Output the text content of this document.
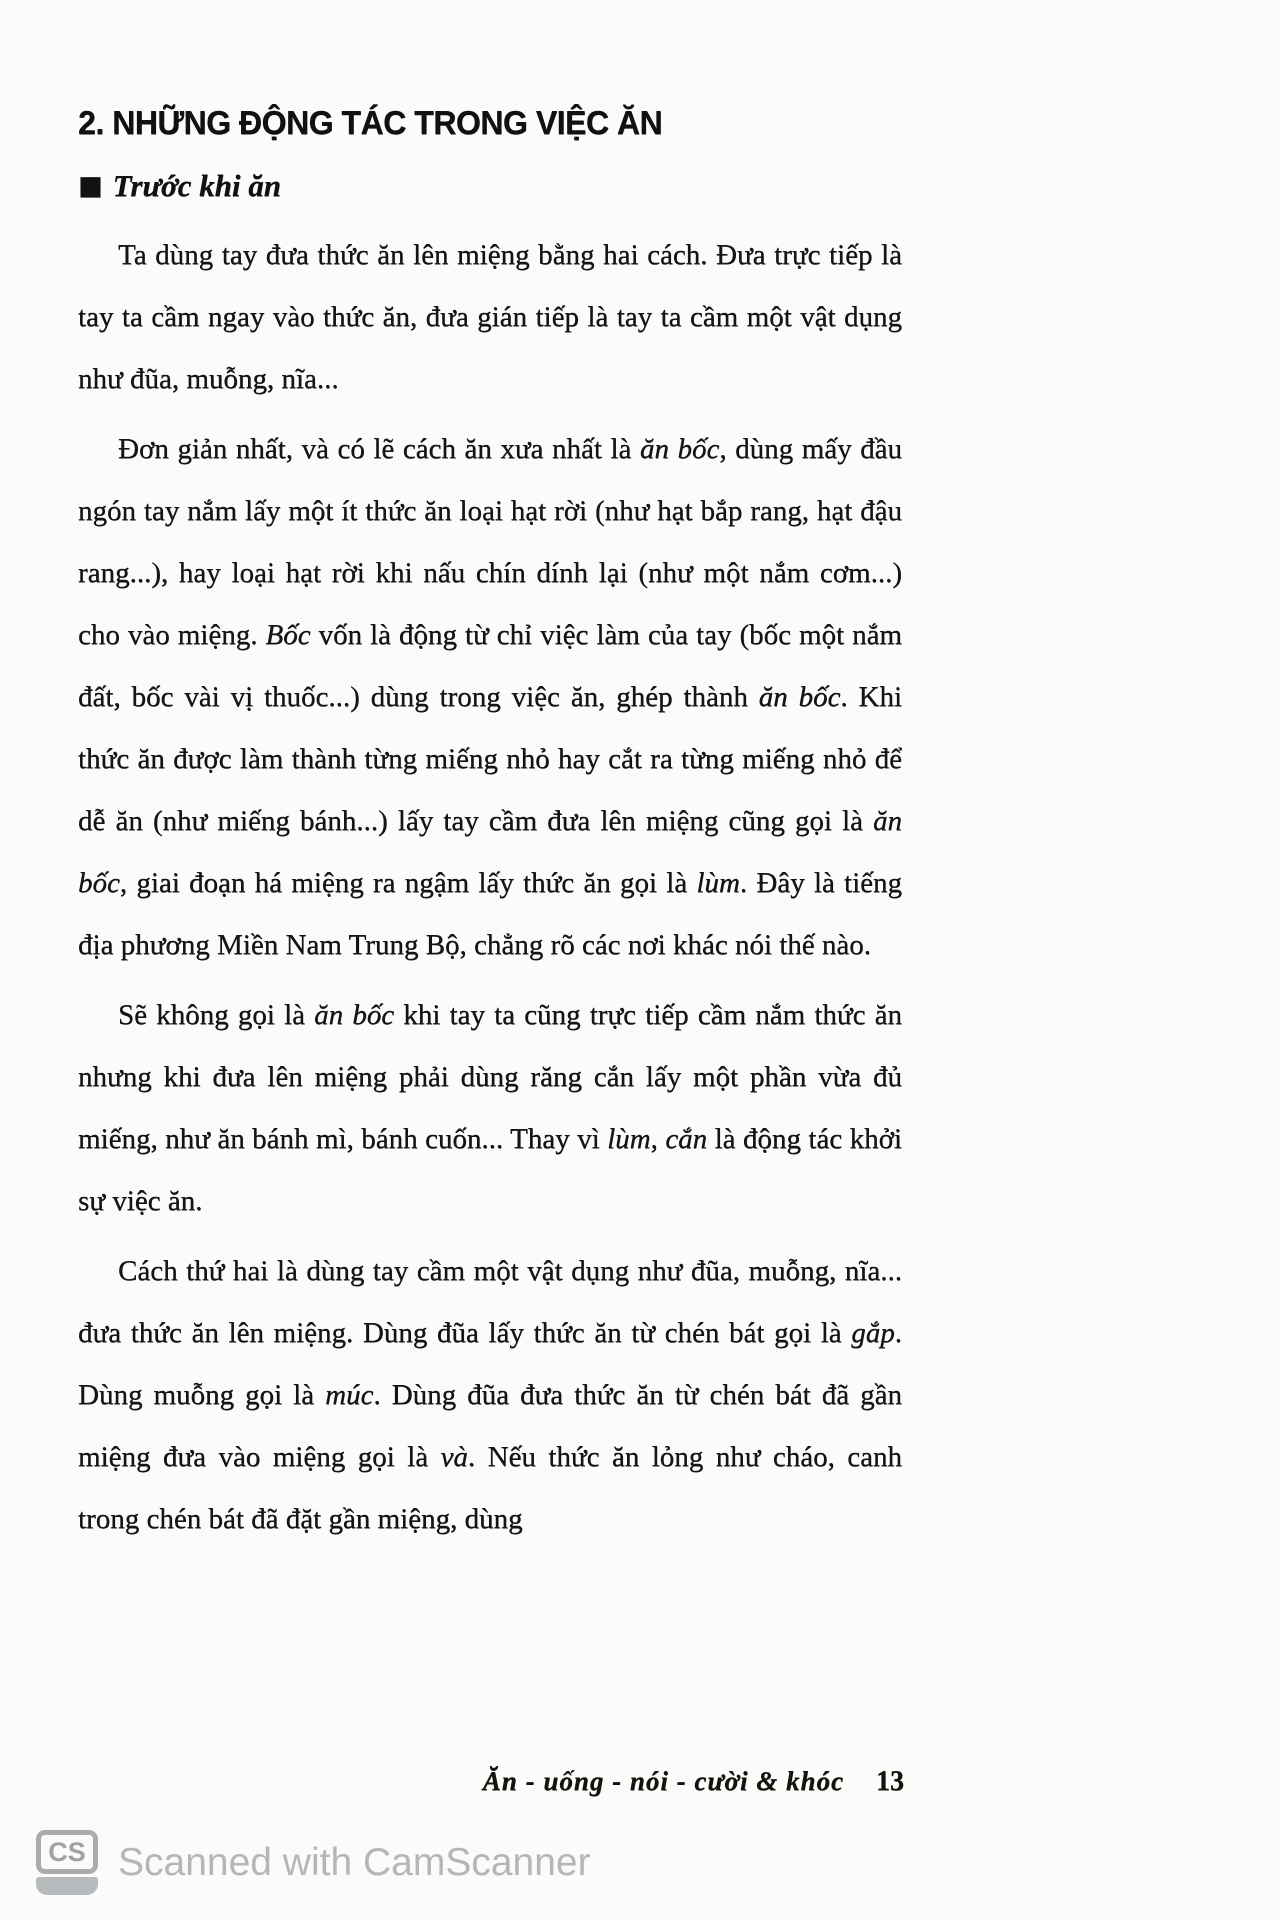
2. NHỮNG ĐỘNG TÁC TRONG VIỆC ĂN
■ Trước khi ăn

Ta dùng tay đưa thức ăn lên miệng bằng hai cách. Đưa trực tiếp là tay ta cầm ngay vào thức ăn, đưa gián tiếp là tay ta cầm một vật dụng như đũa, muỗng, nĩa...

Đơn giản nhất, và có lẽ cách ăn xưa nhất là ăn bốc, dùng mấy đầu ngón tay nắm lấy một ít thức ăn loại hạt rời (như hạt bắp rang, hạt đậu rang...), hay loại hạt rời khi nấu chín dính lại (như một nắm cơm...) cho vào miệng. Bốc vốn là động từ chỉ việc làm của tay (bốc một nắm đất, bốc vài vị thuốc...) dùng trong việc ăn, ghép thành ăn bốc. Khi thức ăn được làm thành từng miếng nhỏ hay cắt ra từng miếng nhỏ để dễ ăn (như miếng bánh...) lấy tay cầm đưa lên miệng cũng gọi là ăn bốc, giai đoạn há miệng ra ngậm lấy thức ăn gọi là lùm. Đây là tiếng địa phương Miền Nam Trung Bộ, chẳng rõ các nơi khác nói thế nào.

Sẽ không gọi là ăn bốc khi tay ta cũng trực tiếp cầm nắm thức ăn nhưng khi đưa lên miệng phải dùng răng cắn lấy một phần vừa đủ miếng, như ăn bánh mì, bánh cuốn... Thay vì lùm, cắn là động tác khởi sự việc ăn.

Cách thứ hai là dùng tay cầm một vật dụng như đũa, muỗng, nĩa... đưa thức ăn lên miệng. Dùng đũa lấy thức ăn từ chén bát gọi là gắp. Dùng muỗng gọi là múc. Dùng đũa đưa thức ăn từ chén bát đã gần miệng đưa vào miệng gọi là và. Nếu thức ăn lỏng như cháo, canh trong chén bát đã đặt gần miệng, dùng

Ăn - uống - nói - cười & khóc 13
CS Scanned with CamScanner
